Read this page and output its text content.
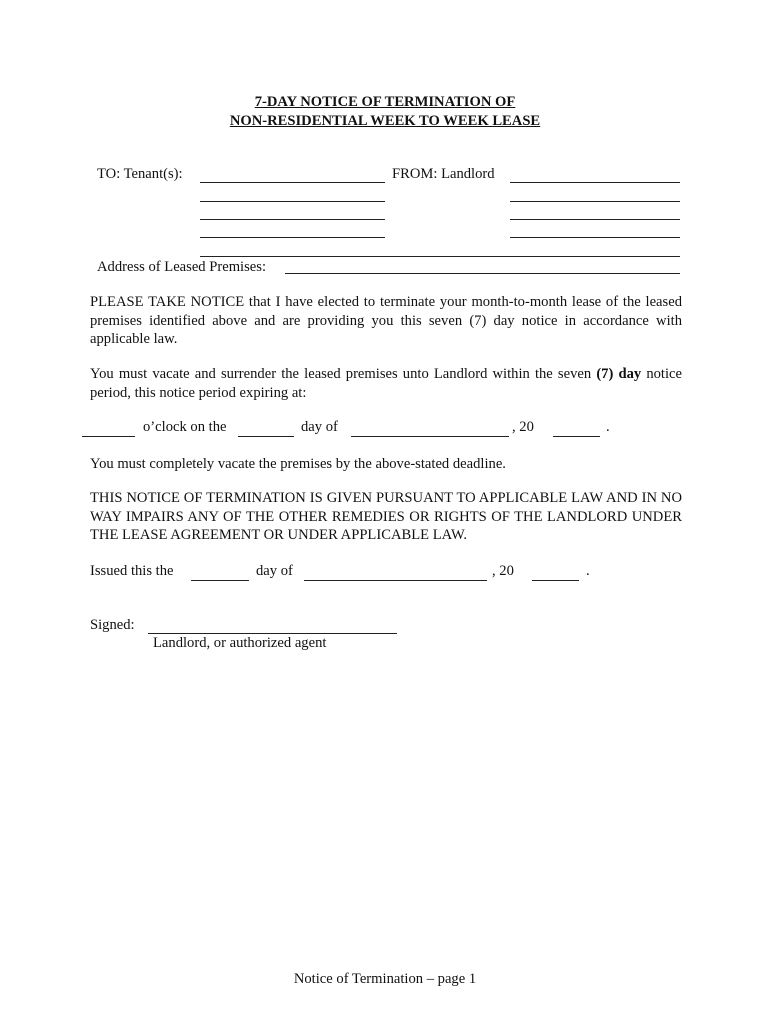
7-DAY NOTICE OF TERMINATION OF
NON-RESIDENTIAL WEEK TO WEEK LEASE
TO: Tenant(s):	FROM: Landlord
Address of Leased Premises:
PLEASE TAKE NOTICE that I have elected to terminate your month-to-month lease of the leased premises identified above and are providing you this seven (7) day notice in accordance with applicable law.
You must vacate and surrender the leased premises unto Landlord within the seven (7) day notice period, this notice period expiring at:
o’clock on the	day of	, 20	.
You must completely vacate the premises by the above-stated deadline.
THIS NOTICE OF TERMINATION IS GIVEN PURSUANT TO APPLICABLE LAW AND IN NO WAY IMPAIRS ANY OF THE OTHER REMEDIES OR RIGHTS OF THE LANDLORD UNDER THE LEASE AGREEMENT OR UNDER APPLICABLE LAW.
Issued this the	day of	, 20	.
Signed:
Landlord, or authorized agent
Notice of Termination – page 1
